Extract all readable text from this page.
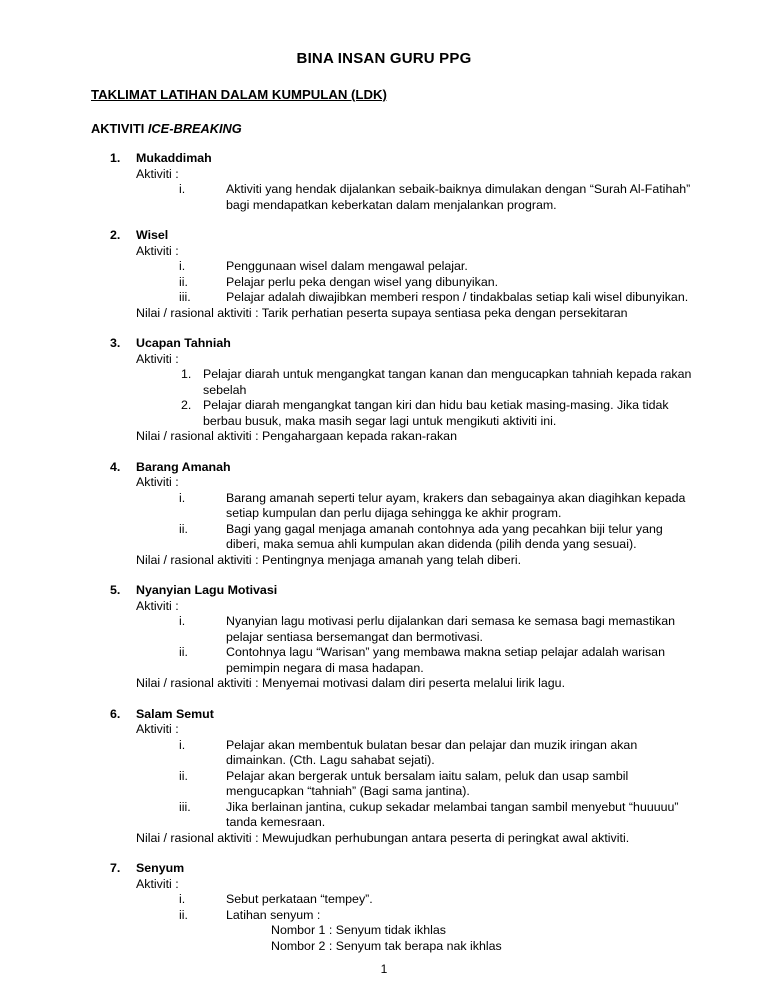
BINA INSAN GURU PPG
TAKLIMAT LATIHAN DALAM KUMPULAN (LDK)
AKTIVITI ICE-BREAKING
1.	Mukaddimah
Aktiviti :
i.	Aktiviti yang hendak dijalankan sebaik-baiknya dimulakan dengan “Surah Al-Fatihah” bagi mendapatkan keberkatan dalam menjalankan program.
2.	Wisel
Aktiviti :
i.	Penggunaan wisel dalam mengawal pelajar.
ii.	Pelajar perlu peka dengan wisel yang dibunyikan.
iii.	Pelajar adalah diwajibkan memberi respon / tindakbalas setiap kali wisel dibunyikan.
Nilai / rasional aktiviti : Tarik perhatian peserta supaya sentiasa peka dengan persekitaran
3.	Ucapan Tahniah
Aktiviti :
1. Pelajar diarah untuk mengangkat tangan kanan dan mengucapkan tahniah kepada rakan sebelah
2. Pelajar diarah mengangkat tangan kiri dan hidu bau ketiak masing-masing. Jika tidak berbau busuk, maka masih segar lagi untuk mengikuti aktiviti ini.
Nilai / rasional aktiviti : Pengahargaan kepada rakan-rakan
4.	Barang Amanah
Aktiviti :
i.	Barang amanah seperti telur ayam, krakers dan sebagainya akan diagihkan kepada setiap kumpulan dan perlu dijaga sehingga ke akhir program.
ii.	Bagi yang gagal menjaga amanah contohnya ada yang pecahkan biji telur yang diberi, maka semua ahli kumpulan akan didenda (pilih denda yang sesuai).
Nilai / rasional aktiviti : Pentingnya menjaga amanah yang telah diberi.
5.	Nyanyian Lagu Motivasi
Aktiviti :
i.	Nyanyian lagu motivasi perlu dijalankan dari semasa ke semasa bagi memastikan pelajar sentiasa bersemangat dan bermotivasi.
ii.	Contohnya lagu “Warisan” yang membawa makna setiap pelajar adalah warisan pemimpin negara di masa hadapan.
Nilai / rasional aktiviti : Menyemai motivasi dalam diri peserta melalui lirik lagu.
6.	Salam Semut
Aktiviti :
i.	Pelajar akan membentuk bulatan besar dan pelajar dan muzik iringan akan dimainkan. (Cth. Lagu sahabat sejati).
ii.	Pelajar akan bergerak untuk bersalam iaitu salam, peluk dan usap sambil mengucapkan “tahniah” (Bagi sama jantina).
iii.	Jika berlainan jantina, cukup sekadar melambai tangan sambil menyebut “huuuuu” tanda kemesraan.
Nilai / rasional aktiviti : Mewujudkan perhubungan antara peserta di peringkat awal aktiviti.
7.	Senyum
Aktiviti :
i.	Sebut perkataan “tempey”.
ii.	Latihan senyum :
Nombor 1 : Senyum tidak ikhlas
Nombor 2 : Senyum tak berapa nak ikhlas
1
